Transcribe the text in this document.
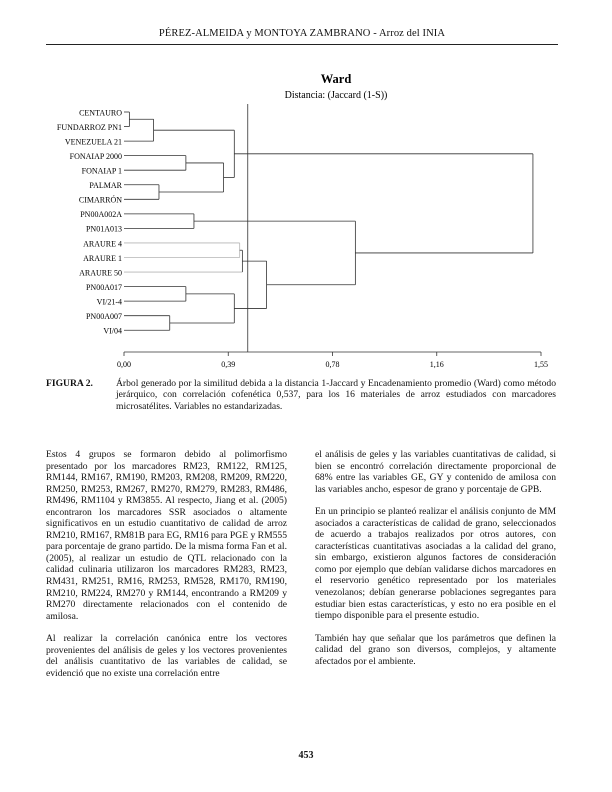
PÉREZ-ALMEIDA y MONTOYA ZAMBRANO - Arroz del INIA
Ward
Distancia: (Jaccard (1-S))
CENTAURO
FUNDARROZ PN1
VENEZUELA 21
FONAIAP 2000
FONAIAP 1
PALMAR
CIMARRÓN
PN00A002A
PN01A013
ARAURE 4
ARAURE 1
ARAURE 50
PN00A017
VI/21-4
PN00A007
VI/04
0,00	0,39	0,78	1,16	1,55
FIGURA 2. Árbol generado por la similitud debida a la distancia 1-Jaccard y Encadenamiento promedio (Ward) como método jerárquico, con correlación cofenética 0,537, para los 16 materiales de arroz estudiados con marcadores microsatélites. Variables no estandarizadas.

Estos 4 grupos se formaron debido al polimorfismo presentado por los marcadores RM23, RM122, RM125, RM144, RM167, RM190, RM203, RM208, RM209, RM220, RM250, RM253, RM267, RM270, RM279, RM283, RM486, RM496, RM1104 y RM3855. Al respecto, Jiang et al. (2005) encontraron los marcadores SSR asociados o altamente significativos en un estudio cuantitativo de calidad de arroz RM210, RM167, RM81B para EG, RM16 para PGE y RM555 para porcentaje de grano partido. De la misma forma Fan et al. (2005), al realizar un estudio de QTL relacionado con la calidad culinaria utilizaron los marcadores RM283, RM23, RM431, RM251, RM16, RM253, RM528, RM170, RM190, RM210, RM224, RM270 y RM144, encontrando a RM209 y RM270 directamente relacionados con el contenido de amilosa.

Al realizar la correlación canónica entre los vectores provenientes del análisis de geles y los vectores provenientes del análisis cuantitativo de las variables de calidad, se evidenció que no existe una correlación entre

el análisis de geles y las variables cuantitativas de calidad, si bien se encontró correlación directamente proporcional de 68% entre las variables GE, GY y contenido de amilosa con las variables ancho, espesor de grano y porcentaje de GPB.

En un principio se planteó realizar el análisis conjunto de MM asociados a características de calidad de grano, seleccionados de acuerdo a trabajos realizados por otros autores, con características cuantitativas asociadas a la calidad del grano, sin embargo, existieron algunos factores de consideración como por ejemplo que debían validarse dichos marcadores en el reservorio genético representado por los materiales venezolanos; debían generarse poblaciones segregantes para estudiar bien estas características, y esto no era posible en el tiempo disponible para el presente estudio.

También hay que señalar que los parámetros que definen la calidad del grano son diversos, complejos, y altamente afectados por el ambiente.

453
